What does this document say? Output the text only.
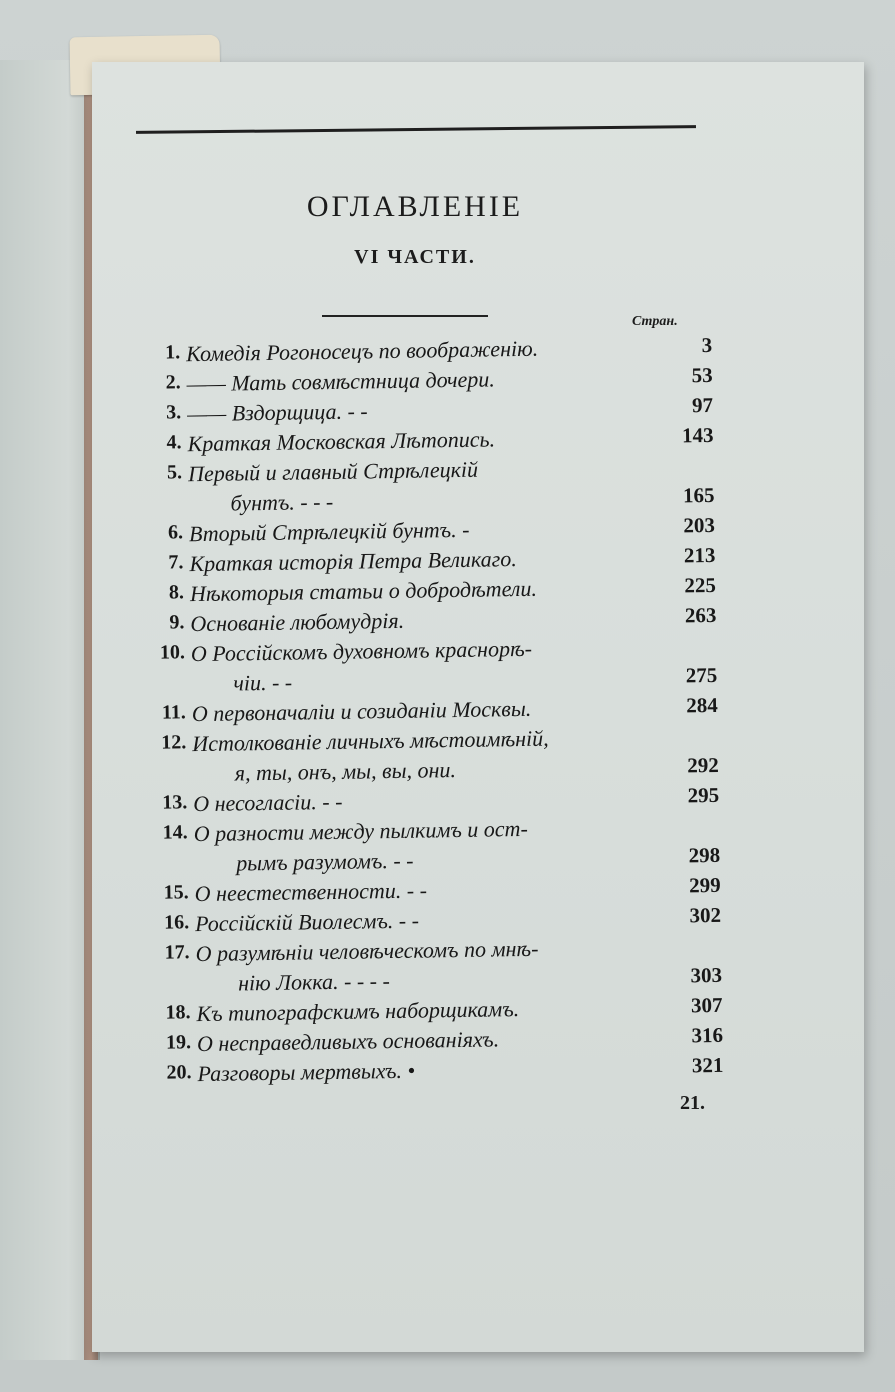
ОГЛАВЛЕНIЕ
VI ЧАСТИ.
Стран.
1. Комедiя Рогоносецъ по воображенiю.	3
2. —— Мать совмѣстница дочери.	53
3. —— Вздорщица. - -	97
4. Краткая Московская Лѣтопись.	143
5. Первый и главный Стрѣлецкiй
бунтъ. - - -	165
6. Вторый Стрѣлецкiй бунтъ. -	203
7. Краткая исторiя Петра Великаго.	213
8. Нѣкоторыя статьи о добродѣтели.	225
9. Основанiе любомудрiя.	263
10. О Россiйскомъ духовномъ краснорѣ-
чiи. - -	275
11. О первоначалiи и созиданiи Москвы.	284
12. Истолкованiе личныхъ мѣстоимѣнiй,
я, ты, онъ, мы, вы, они.	292
13. О несогласiи. - -	295
14. О разности между пылкимъ и ост-
рымъ разумомъ. - -	298
15. О неестественности. - -	299
16. Россiйскiй Виолесмъ. - -	302
17. О разумѣнiи человѣческомъ по мнѣ-
нiю Локка. - - - -	303
18. Къ типографскимъ наборщикамъ.	307
19. О несправедливыхъ основанiяхъ.	316
20. Разговоры мертвыхъ. •	321
21.
